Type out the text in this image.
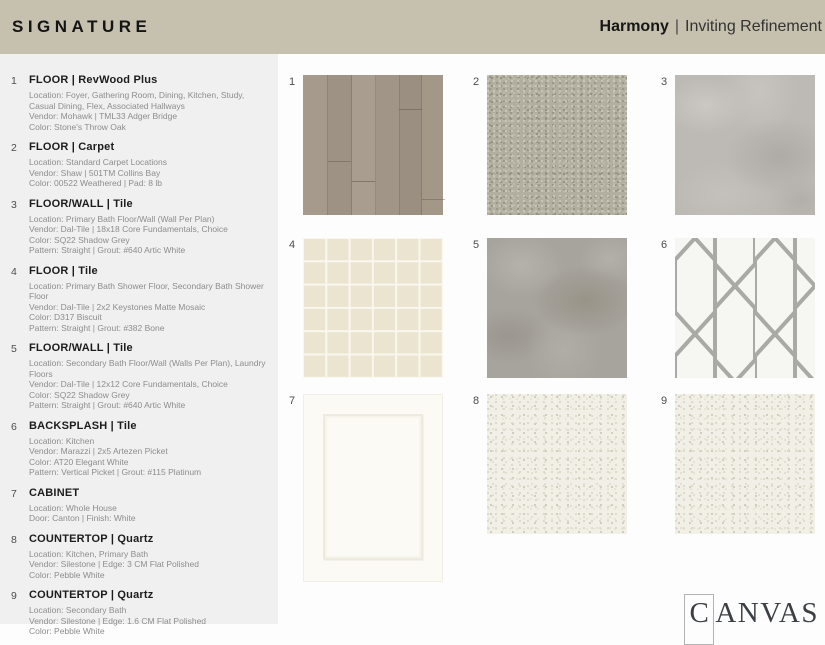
SIGNATURE	Harmony | Inviting Refinement
1 FLOOR | RevWood Plus
Location: Foyer, Gathering Room, Dining, Kitchen, Study, Casual Dining, Flex, Associated Hallways
Vendor: Mohawk | TML33 Adger Bridge
Color: Stone's Throw Oak
2 FLOOR | Carpet
Location: Standard Carpet Locations
Vendor: Shaw | 501TM Collins Bay
Color: 00522 Weathered | Pad: 8 lb
3 FLOOR/WALL | Tile
Location: Primary Bath Floor/Wall (Wall Per Plan)
Vendor: Dal-Tile | 18x18 Core Fundamentals, Choice
Color: SQ22 Shadow Grey
Pattern: Straight | Grout: #640 Artic White
4 FLOOR | Tile
Location: Primary Bath Shower Floor, Secondary Bath Shower Floor
Vendor: Dal-Tile | 2x2 Keystones Matte Mosaic
Color: D317 Biscuit
Pattern: Straight | Grout: #382 Bone
5 FLOOR/WALL | Tile
Location: Secondary Bath Floor/Wall (Walls Per Plan), Laundry Floors
Vendor: Dal-Tile | 12x12 Core Fundamentals, Choice
Color: SQ22 Shadow Grey
Pattern: Straight | Grout: #640 Artic White
6 BACKSPLASH | Tile
Location: Kitchen
Vendor: Marazzi | 2x5 Artezen Picket
Color: AT20 Elegant White
Pattern: Vertical Picket | Grout: #115 Platinum
7 CABINET
Location: Whole House
Door: Canton | Finish: White
8 COUNTERTOP | Quartz
Location: Kitchen, Primary Bath
Vendor: Silestone | Edge: 3 CM Flat Polished
Color: Pebble White
9 COUNTERTOP | Quartz
Location: Secondary Bath
Vendor: Silestone | Edge: 1.6 CM Flat Polished
Color: Pebble White
1	2	3
4	5	6
7	8	9
C ANVAS
